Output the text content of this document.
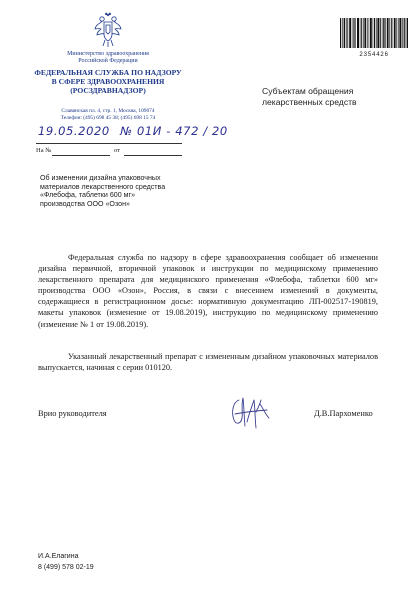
Министерство здравоохранения
Российской Федерации
ФЕДЕРАЛЬНАЯ СЛУЖБА ПО НАДЗОРУ
В СФЕРЕ ЗДРАВООХРАНЕНИЯ
(РОСЗДРАВНАДЗОР)
Славянская пл. 4, стр. 1, Москва, 109074
Телефон: (495) 698 45 38; (495) 698 15 74
2354426
19.05.2020 № 01И - 472 / 20
На №	от
Субъектам обращения
лекарственных средств
Об изменении дизайна упаковочных
материалов лекарственного средства
«Флебофа, таблетки 600 мг»
производства ООО «Озон»

Федеральная служба по надзору в сфере здравоохранения сообщает об изменении дизайна первичной, вторичной упаковок и инструкции по медицинскому применению лекарственного препарата для медицинского применения «Флебофа, таблетки 600 мг» производства ООО «Озон», Россия, в связи с внесением изменений в документы, содержащиеся в регистрационном досье: нормативную документацию ЛП-002517-190819, макеты упаковок (изменение от 19.08.2019), инструкцию по медицинскому применению (изменение № 1 от 19.08.2019).

Указанный лекарственный препарат с измененным дизайном упаковочных материалов выпускается, начиная с серии 010120.

Врио руководителя	Д.В.Пархоменко
И.А.Елагина
8 (499) 578 02-19
